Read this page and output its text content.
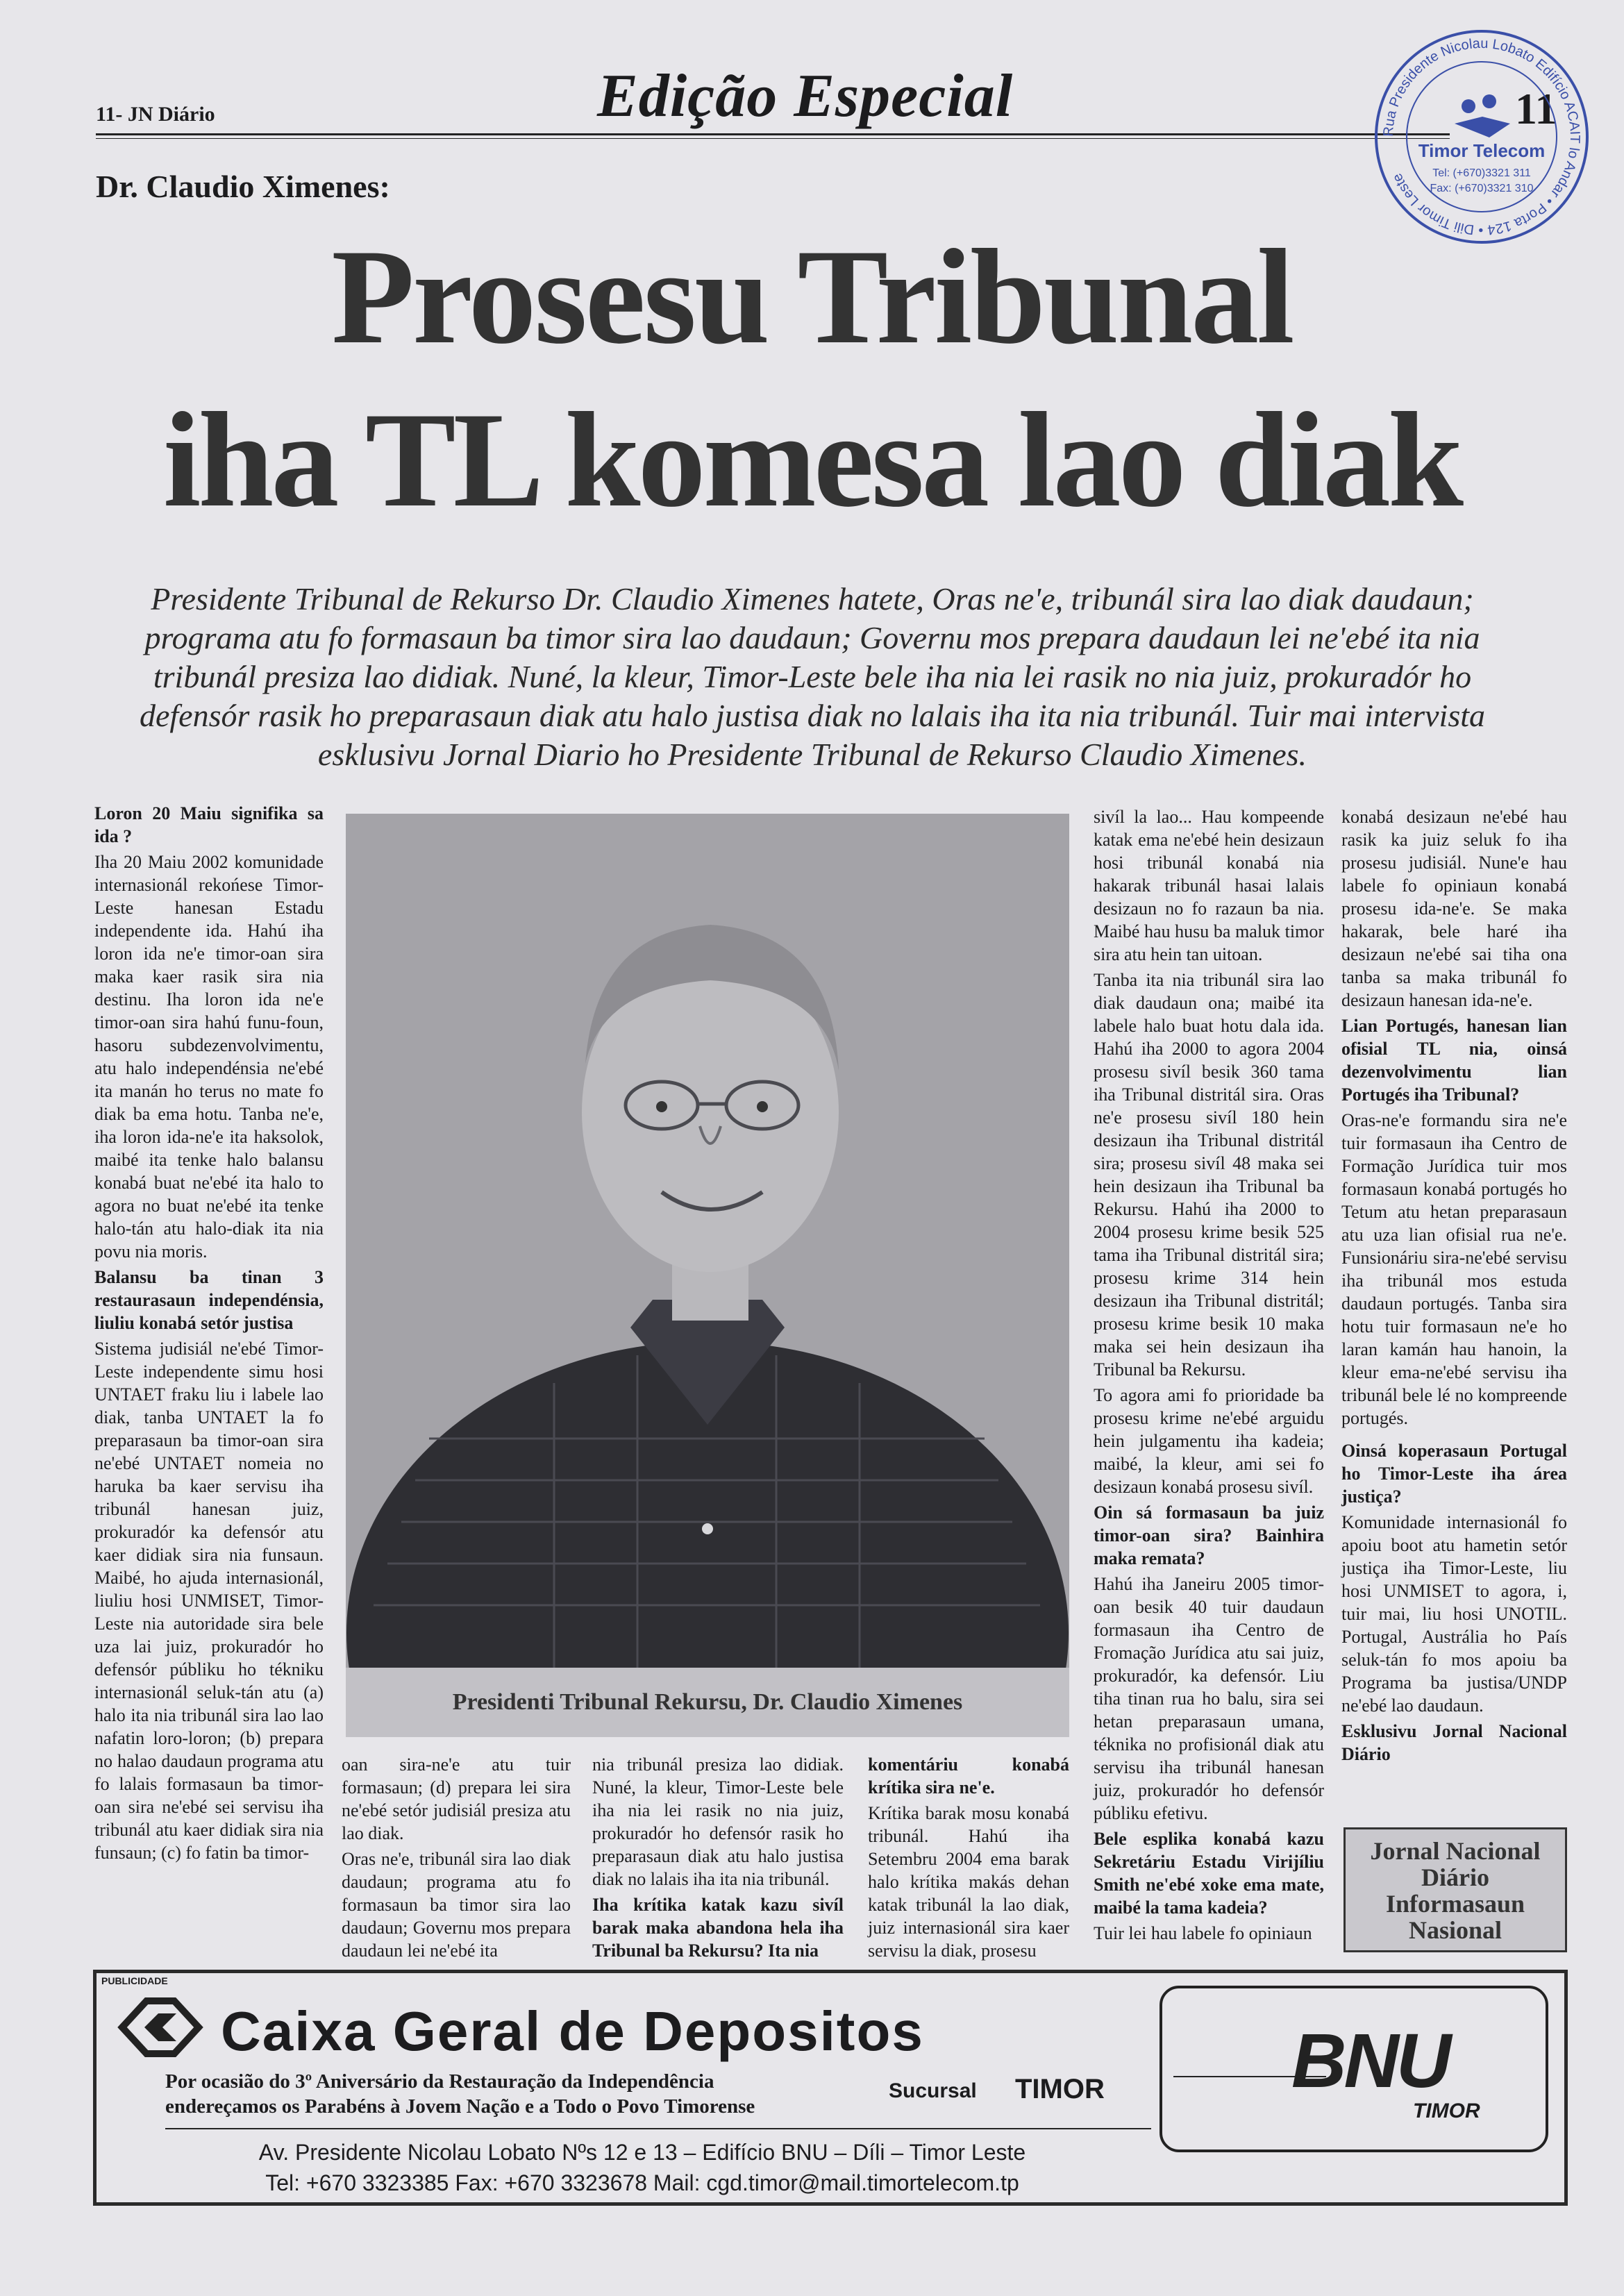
11- JN Diário	Edição Especial	11
Rua Presidente Nicolau Lobato Edifício ACAIT lo Andar • Porta 124 • Dili Timor Leste
Timor Telecom
Tel: (+670)3321 311
Fax: (+670)3321 310
Dr. Claudio Ximenes:
Prosesu Tribunal
iha TL komesa lao diak
Presidente Tribunal de Rekurso Dr. Claudio Ximenes hatete, Oras ne'e, tribunál sira lao diak daudaun; programa atu fo formasaun ba timor sira lao daudaun; Governu mos prepara daudaun lei ne'ebé ita nia tribunál presiza lao didiak. Nuné, la kleur, Timor-Leste bele iha nia lei rasik no nia juiz, prokuradór ho defensór rasik ho preparasaun diak atu halo justisa diak no lalais iha ita nia tribunál. Tuir mai intervista esklusivu Jornal Diario ho Presidente Tribunal de Rekurso Claudio Ximenes.

Loron 20 Maiu signifika sa ida ?

Iha 20 Maiu 2002 komunidade internasionál rekońese Timor-Leste hanesan Estadu independente ida. Hahú iha loron ida ne'e timor-oan sira maka kaer rasik sira nia destinu. Iha loron ida ne'e timor-oan sira hahú funu-foun, hasoru subdezenvolvimentu, atu halo independénsia ne'ebé ita manán ho terus no mate fo diak ba ema hotu. Tanba ne'e, iha loron ida-ne'e ita haksolok, maibé ita tenke halo balansu konabá buat ne'ebé ita halo to agora no buat ne'ebé ita tenke halo-tán atu halo-diak ita nia povu nia moris.

Balansu ba tinan 3 restaurasaun independénsia, liuliu konabá setór justisa

Sistema judisiál ne'ebé Timor-Leste independente simu hosi UNTAET fraku liu i labele lao diak, tanba UNTAET la fo preparasaun ba timor-oan sira ne'ebé UNTAET nomeia no haruka ba kaer servisu iha tribunál hanesan juiz, prokuradór ka defensór atu kaer didiak sira nia funsaun. Maibé, ho ajuda internasionál, liuliu hosi UNMISET, Timor-Leste nia autoridade sira bele uza lai juiz, prokuradór ho defensór públiku ho tékniku internasionál seluk-tán atu (a) halo ita nia tribunál sira lao lao nafatin loro-loron; (b) prepara no halao daudaun programa atu fo lalais formasaun ba timor-oan sira ne'ebé sei servisu iha tribunál atu kaer didiak sira nia funsaun; (c) fo fatin ba timor-

Presidenti Tribunal Rekursu, Dr. Claudio Ximenes

oan sira-ne'e atu tuir formasaun; (d) prepara lei sira ne'ebé setór judisiál presiza atu lao diak.

Oras ne'e, tribunál sira lao diak daudaun; programa atu fo formasaun ba timor sira lao daudaun; Governu mos prepara daudaun lei ne'ebé ita

nia tribunál presiza lao didiak. Nuné, la kleur, Timor-Leste bele iha nia lei rasik no nia juiz, prokuradór ho defensór rasik ho preparasaun diak atu halo justisa diak no lalais iha ita nia tribunál.

Iha krítika katak kazu sivíl barak maka abandona hela iha Tribunal ba Rekursu? Ita nia

komentáriu konabá krítika sira ne'e.

Krítika barak mosu konabá tribunál. Hahú iha Setembru 2004 ema barak halo krítika makás dehan katak tribunál la lao diak, juiz internasionál sira kaer servisu la diak, prosesu

sivíl la lao... Hau kompeende katak ema ne'ebé hein desizaun hosi tribunál konabá nia hakarak tribunál hasai lalais desizaun no fo razaun ba nia. Maibé hau husu ba maluk timor sira atu hein tan uitoan.

Tanba ita nia tribunál sira lao diak daudaun ona; maibé ita labele halo buat hotu dala ida. Hahú iha 2000 to agora 2004 prosesu sivíl besik 360 tama iha Tribunal distritál sira. Oras ne'e prosesu sivíl 180 hein desizaun iha Tribunal distritál sira; prosesu sivíl 48 maka sei hein desizaun iha Tribunal ba Rekursu. Hahú iha 2000 to 2004 prosesu krime besik 525 tama iha Tribunal distritál sira; prosesu krime 314 hein desizaun iha Tribunal distritál; prosesu krime besik 10 maka maka sei hein desizaun iha Tribunal ba Rekursu.

To agora ami fo prioridade ba prosesu krime ne'ebé arguidu hein julgamentu iha kadeia; maibé, la kleur, ami sei fo desizaun konabá prosesu sivíl.

Oin sá formasaun ba juiz timor-oan sira? Bainhira maka remata?

Hahú iha Janeiru 2005 timor-oan besik 40 tuir daudaun formasaun iha Centro de Fromação Jurídica atu sai juiz, prokuradór, ka defensór. Liu tiha tinan rua ho balu, sira sei hetan preparasaun umana, téknika no profisionál diak atu servisu iha tribunál hanesan juiz, prokuradór ho defensór públiku efetivu.

Bele esplika konabá kazu Sekretáriu Estadu Virijíliu Smith ne'ebé xoke ema mate, maibé la tama kadeia?

Tuir lei hau labele fo opiniaun

konabá desizaun ne'ebé hau rasik ka juiz seluk fo iha prosesu judisiál. Nune'e hau labele fo opiniaun konabá prosesu ida-ne'e. Se maka hakarak, bele haré iha desizaun ne'ebé sai tiha ona tanba sa maka tribunál fo desizaun hanesan ida-ne'e.

Lian Portugés, hanesan lian ofisial TL nia, oinsá dezenvolvimentu lian Portugés iha Tribunal?

Oras-ne'e formandu sira ne'e tuir formasaun iha Centro de Formação Jurídica tuir mos formasaun konabá portugés ho Tetum atu hetan preparasaun atu uza lian ofisial rua ne'e. Funsionáriu sira-ne'ebé servisu iha tribunál mos estuda daudaun portugés. Tanba sira hotu tuir formasaun ne'e ho laran kamán hau hanoin, la kleur ema-ne'ebé servisu iha tribunál bele lé no kompreende portugés.

Oinsá koperasaun Portugal ho Timor-Leste iha área justiça?

Komunidade internasionál fo apoiu boot atu hametin setór justiça iha Timor-Leste, liu hosi UNMISET to agora, i, tuir mai, liu hosi UNOTIL. Portugal, Austrália ho País seluk-tán fo mos apoiu ba Programa ba justisa/UNDP ne'ebé lao daudaun.

Esklusivu Jornal Nacional Diário

Jornal Nacional
Diário
Informasaun
Nasional
PUBLICIDADE
Caixa Geral de Depositos
Por ocasião do 3º Aniversário da Restauração da Independência
endereçamos os Parabéns à Jovem Nação e a Todo o Povo Timorense
Sucursal TIMOR
Av. Presidente Nicolau Lobato Nºs 12 e 13 – Edifício BNU – Díli – Timor Leste
Tel: +670 3323385 Fax: +670 3323678 Mail: cgd.timor@mail.timortelecom.tp
BNU
TIMOR
